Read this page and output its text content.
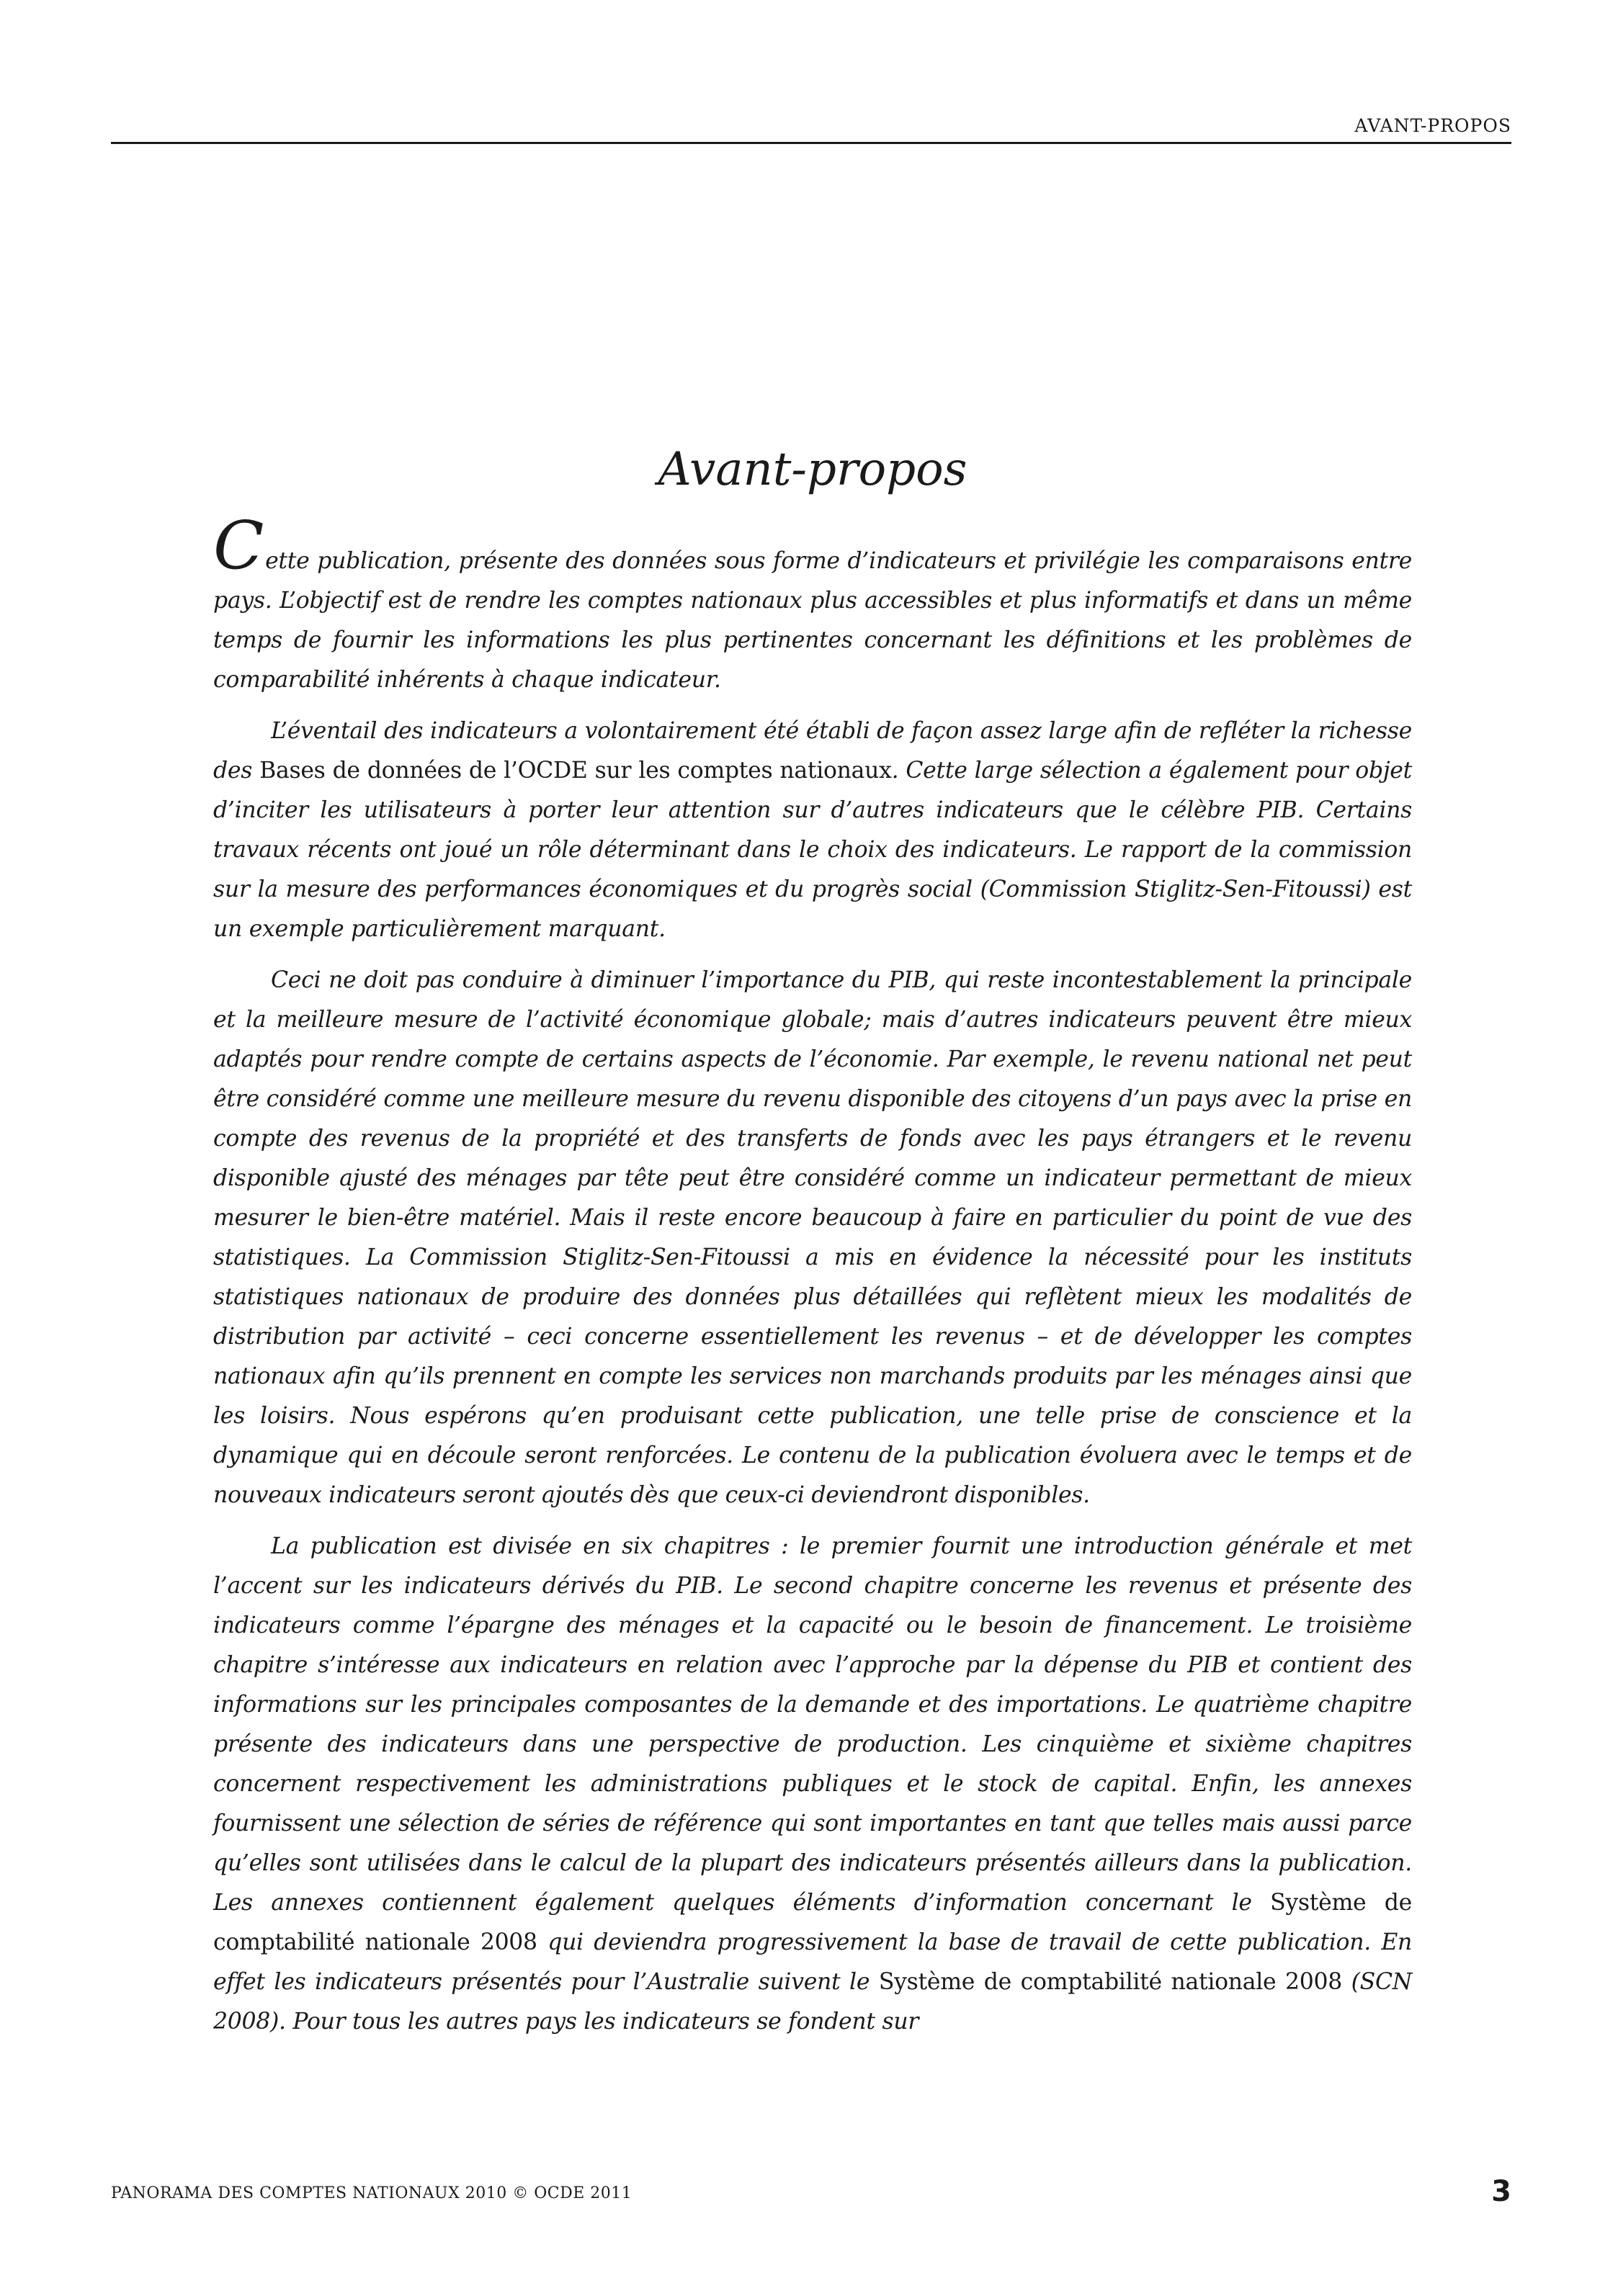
AVANT-PROPOS
Avant-propos

Cette publication, présente des données sous forme d’indicateurs et privilégie les comparaisons entre pays. L’objectif est de rendre les comptes nationaux plus accessibles et plus informatifs et dans un même temps de fournir les informations les plus pertinentes concernant les définitions et les problèmes de comparabilité inhérents à chaque indicateur.

L’éventail des indicateurs a volontairement été établi de façon assez large afin de refléter la richesse des Bases de données de l’OCDE sur les comptes nationaux. Cette large sélection a également pour objet d’inciter les utilisateurs à porter leur attention sur d’autres indicateurs que le célèbre PIB. Certains travaux récents ont joué un rôle déterminant dans le choix des indicateurs. Le rapport de la commission sur la mesure des performances économiques et du progrès social (Commission Stiglitz-Sen-Fitoussi) est un exemple particulièrement marquant.

Ceci ne doit pas conduire à diminuer l’importance du PIB, qui reste incontestablement la principale et la meilleure mesure de l’activité économique globale; mais d’autres indicateurs peuvent être mieux adaptés pour rendre compte de certains aspects de l’économie. Par exemple, le revenu national net peut être considéré comme une meilleure mesure du revenu disponible des citoyens d’un pays avec la prise en compte des revenus de la propriété et des transferts de fonds avec les pays étrangers et le revenu disponible ajusté des ménages par tête peut être considéré comme un indicateur permettant de mieux mesurer le bien-être matériel. Mais il reste encore beaucoup à faire en particulier du point de vue des statistiques. La Commission Stiglitz-Sen-Fitoussi a mis en évidence la nécessité pour les instituts statistiques nationaux de produire des données plus détaillées qui reflètent mieux les modalités de distribution par activité – ceci concerne essentiellement les revenus – et de développer les comptes nationaux afin qu’ils prennent en compte les services non marchands produits par les ménages ainsi que les loisirs. Nous espérons qu’en produisant cette publication, une telle prise de conscience et la dynamique qui en découle seront renforcées. Le contenu de la publication évoluera avec le temps et de nouveaux indicateurs seront ajoutés dès que ceux-ci deviendront disponibles.

La publication est divisée en six chapitres : le premier fournit une introduction générale et met l’accent sur les indicateurs dérivés du PIB. Le second chapitre concerne les revenus et présente des indicateurs comme l’épargne des ménages et la capacité ou le besoin de financement. Le troisième chapitre s’intéresse aux indicateurs en relation avec l’approche par la dépense du PIB et contient des informations sur les principales composantes de la demande et des importations. Le quatrième chapitre présente des indicateurs dans une perspective de production. Les cinquième et sixième chapitres concernent respectivement les administrations publiques et le stock de capital. Enfin, les annexes fournissent une sélection de séries de référence qui sont importantes en tant que telles mais aussi parce qu’elles sont utilisées dans le calcul de la plupart des indicateurs présentés ailleurs dans la publication. Les annexes contiennent également quelques éléments d’information concernant le Système de comptabilité nationale 2008 qui deviendra progressivement la base de travail de cette publication. En effet les indicateurs présentés pour l’Australie suivent le Système de comptabilité nationale 2008 (SCN 2008). Pour tous les autres pays les indicateurs se fondent sur

PANORAMA DES COMPTES NATIONAUX 2010 © OCDE 2011	3
